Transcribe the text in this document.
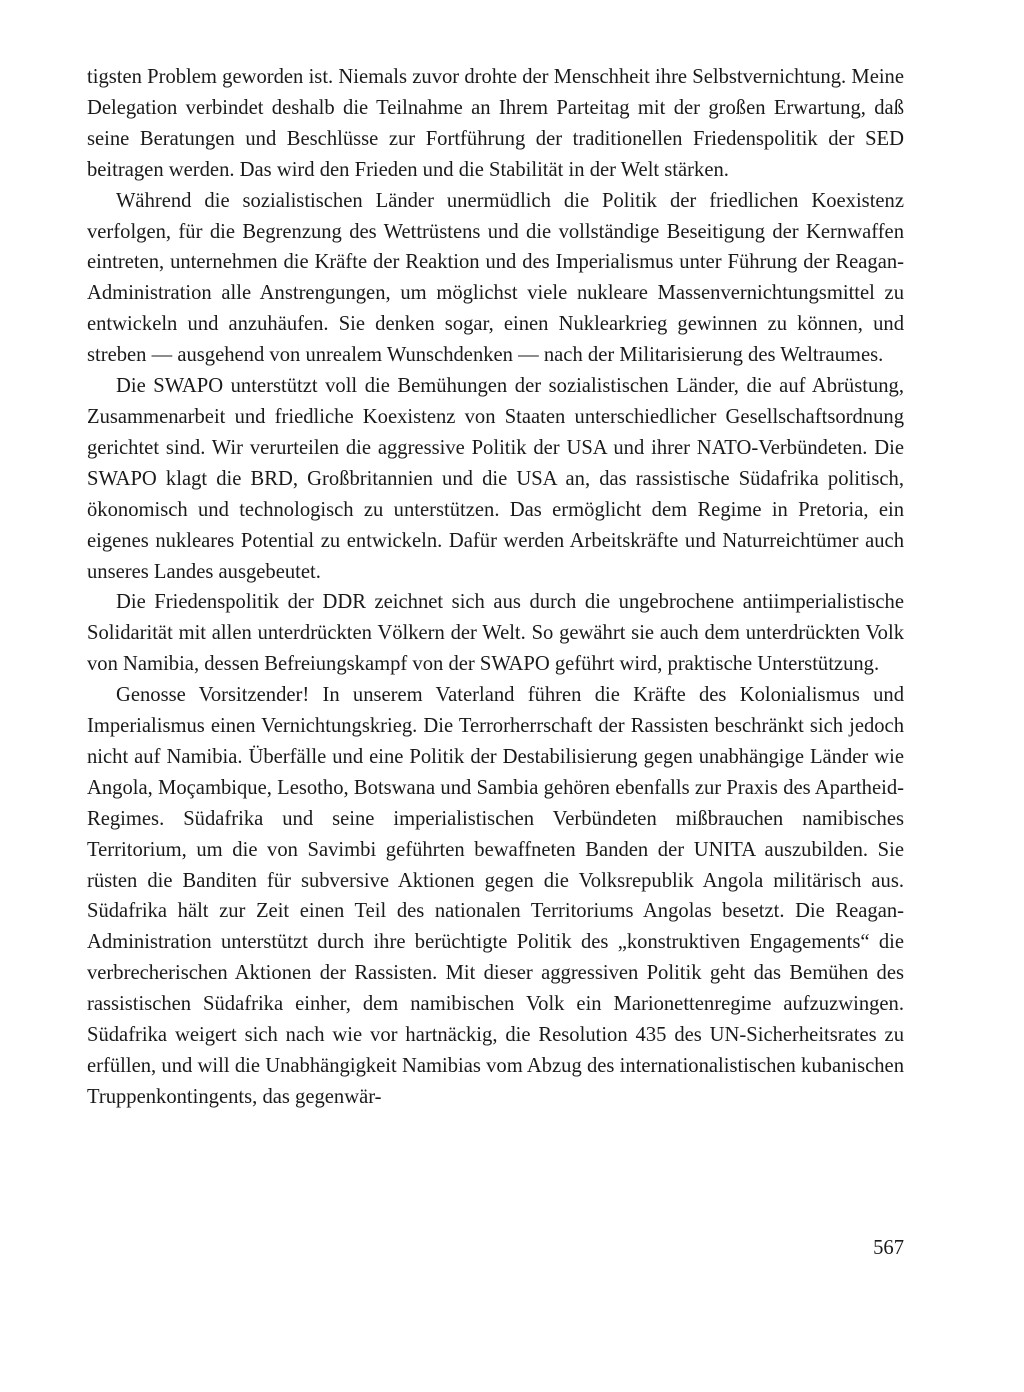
tigsten Problem geworden ist. Niemals zuvor drohte der Menschheit ihre Selbstvernichtung. Meine Delegation verbindet deshalb die Teilnahme an Ihrem Parteitag mit der großen Erwartung, daß seine Beratungen und Beschlüsse zur Fortführung der traditionellen Friedenspolitik der SED beitragen werden. Das wird den Frieden und die Stabilität in der Welt stärken.

Während die sozialistischen Länder unermüdlich die Politik der friedlichen Koexistenz verfolgen, für die Begrenzung des Wettrüstens und die vollständige Beseitigung der Kernwaffen eintreten, unternehmen die Kräfte der Reaktion und des Imperialismus unter Führung der Reagan-Administration alle Anstrengungen, um möglichst viele nukleare Massenvernichtungsmittel zu entwickeln und anzuhäufen. Sie denken sogar, einen Nuklearkrieg gewinnen zu können, und streben — ausgehend von unrealem Wunschdenken — nach der Militarisierung des Weltraumes.

Die SWAPO unterstützt voll die Bemühungen der sozialistischen Länder, die auf Abrüstung, Zusammenarbeit und friedliche Koexistenz von Staaten unterschiedlicher Gesellschaftsordnung gerichtet sind. Wir verurteilen die aggressive Politik der USA und ihrer NATO-Verbündeten. Die SWAPO klagt die BRD, Großbritannien und die USA an, das rassistische Südafrika politisch, ökonomisch und technologisch zu unterstützen. Das ermöglicht dem Regime in Pretoria, ein eigenes nukleares Potential zu entwickeln. Dafür werden Arbeitskräfte und Naturreichtümer auch unseres Landes ausgebeutet.

Die Friedenspolitik der DDR zeichnet sich aus durch die ungebrochene antiimperialistische Solidarität mit allen unterdrückten Völkern der Welt. So gewährt sie auch dem unterdrückten Volk von Namibia, dessen Befreiungskampf von der SWAPO geführt wird, praktische Unterstützung.

Genosse Vorsitzender! In unserem Vaterland führen die Kräfte des Kolonialismus und Imperialismus einen Vernichtungskrieg. Die Terrorherrschaft der Rassisten beschränkt sich jedoch nicht auf Namibia. Überfälle und eine Politik der Destabilisierung gegen unabhängige Länder wie Angola, Moçambique, Lesotho, Botswana und Sambia gehören ebenfalls zur Praxis des Apartheid-Regimes. Südafrika und seine imperialistischen Verbündeten mißbrauchen namibisches Territorium, um die von Savimbi geführten bewaffneten Banden der UNITA auszubilden. Sie rüsten die Banditen für subversive Aktionen gegen die Volksrepublik Angola militärisch aus. Südafrika hält zur Zeit einen Teil des nationalen Territoriums Angolas besetzt. Die Reagan-Administration unterstützt durch ihre berüchtigte Politik des „konstruktiven Engagements“ die verbrecherischen Aktionen der Rassisten. Mit dieser aggressiven Politik geht das Bemühen des rassistischen Südafrika einher, dem namibischen Volk ein Marionettenregime aufzuzwingen. Südafrika weigert sich nach wie vor hartnäckig, die Resolution 435 des UN-Sicherheitsrates zu erfüllen, und will die Unabhängigkeit Namibias vom Abzug des internationalistischen kubanischen Truppenkontingents, das gegenwär-

567
